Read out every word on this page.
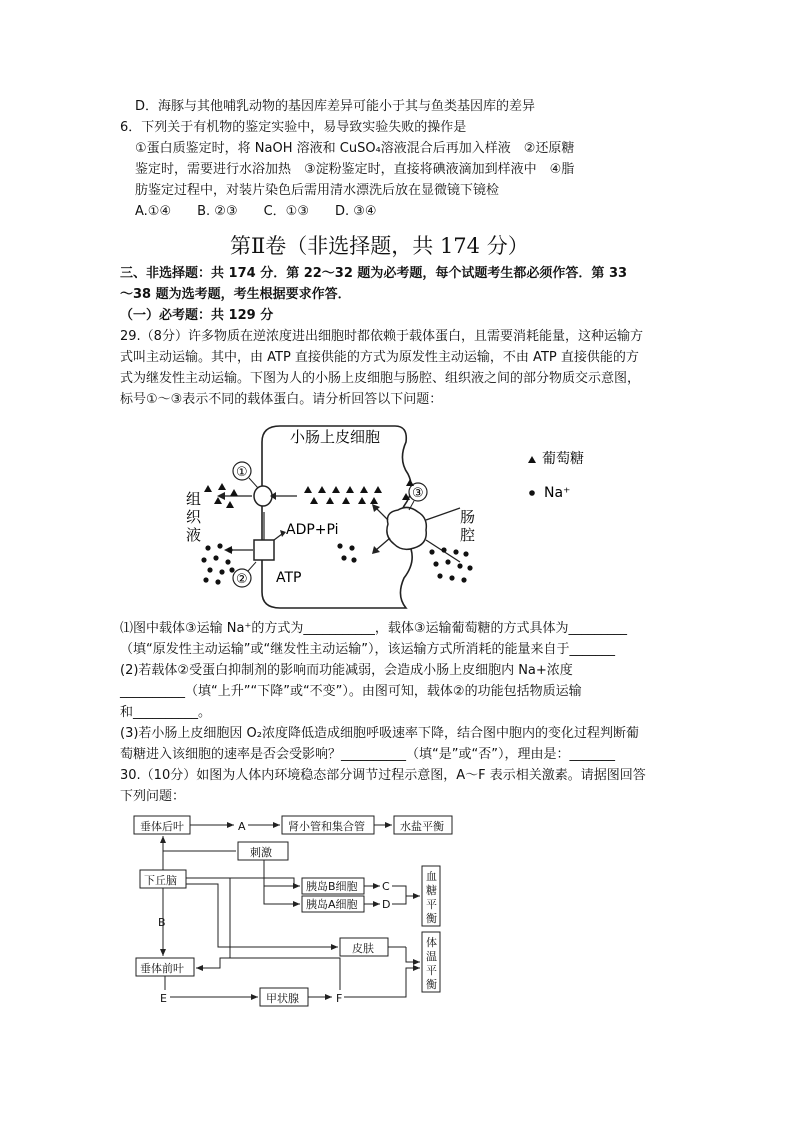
D．海豚与其他哺乳动物的基因库差异可能小于其与鱼类基因库的差异
6．下列关于有机物的鉴定实验中，易导致实验失败的操作是
①蛋白质鉴定时，将 NaOH 溶液和 CuSO₄溶液混合后再加入样液　②还原糖
鉴定时，需要进行水浴加热　③淀粉鉴定时，直接将碘液滴加到样液中　④脂
肪鉴定过程中，对装片染色后需用清水漂洗后放在显微镜下镜检
A.①④　　B. ②③　　C．①③　　D. ③④
第Ⅱ卷（非选择题，共 174 分）
三、非选择题：共 174 分．第 22～32 题为必考题，每个试题考生都必须作答．第 33
～38 题为选考题，考生根据要求作答．
（一）必考题：共 129 分
29.（8分）许多物质在逆浓度进出细胞时都依赖于载体蛋白，且需要消耗能量，这种运输方
式叫主动运输。其中，由 ATP 直接供能的方式为原发性主动运输，不由 ATP 直接供能的方
式为继发性主动运输。下图为人的小肠上皮细胞与肠腔、组织液之间的部分物质交示意图，
标号①～③表示不同的载体蛋白。请分析回答以下问题：
小肠上皮细胞
①
②
ADP+Pi
ATP
③
组
织
液
肠
腔
葡萄糖
Na⁺
⑴图中载体③运输 Na⁺的方式为___________，载体③运输葡萄糖的方式具体为_________
（填“原发性主动运输”或“继发性主动运输”），该运输方式所消耗的能量来自于_______
(2)若载体②受蛋白抑制剂的影响而功能减弱，会造成小肠上皮细胞内 Na+浓度
__________（填“上升”“下降”或“不变”）。由图可知，载体②的功能包括物质运输
和__________。
(3)若小肠上皮细胞因 O₂浓度降低造成细胞呼吸速率下降，结合图中胞内的变化过程判断葡
萄糖进入该细胞的速率是否会受影响？__________（填“是”或“否”），理由是：_______
30.（10分）如图为人体内环境稳态部分调节过程示意图，A～F 表示相关激素。请据图回答
下列问题：
垂体后叶	A	肾小管和集合管	水盐平衡
刺激
下丘脑	胰岛B细胞
胰岛A细胞
C
D
血
糖
平
衡
B
皮肤	体
温
平
衡
垂体前叶
E	甲状腺	F
